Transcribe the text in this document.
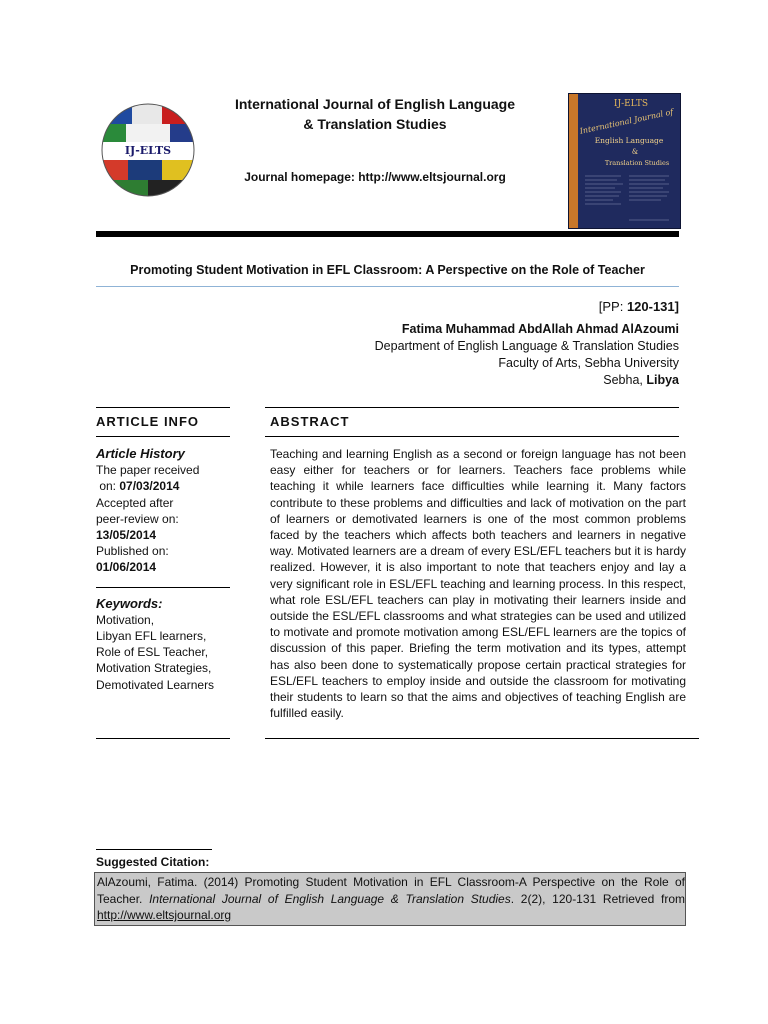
IJ-ELTS
International Journal of English Language
& Translation Studies
Journal homepage: http://www.eltsjournal.org
IJ-ELTS
International Journal of
English Language
&
Translation Studies
Promoting Student Motivation in EFL Classroom: A Perspective on the Role of Teacher
[PP: 120-131]
Fatima Muhammad AbdAllah Ahmad AlAzoumi
Department of English Language & Translation Studies
Faculty of Arts, Sebha University
Sebha, Libya
ARTICLE INFO	ABSTRACT
Article History
The paper received
on: 07/03/2014
Accepted after
peer-review on:
13/05/2014
Published on:
01/06/2014
Keywords:
Motivation,
Libyan EFL learners,
Role of ESL Teacher,
Motivation Strategies,
Demotivated Learners
Teaching and learning English as a second or foreign language has not been easy either for teachers or for learners. Teachers face problems while teaching it while learners face difficulties while learning it. Many factors contribute to these problems and difficulties and lack of motivation on the part of learners or demotivated learners is one of the most common problems faced by the teachers which affects both teachers and learners in negative way. Motivated learners are a dream of every ESL/EFL teachers but it is hardy realized. However, it is also important to note that teachers enjoy and lay a very significant role in ESL/EFL teaching and learning process. In this respect, what role ESL/EFL teachers can play in motivating their learners inside and outside the ESL/EFL classrooms and what strategies can be used and utilized to motivate and promote motivation among ESL/EFL learners are the topics of discussion of this paper. Briefing the term motivation and its types, attempt has also been done to systematically propose certain practical strategies for ESL/EFL teachers to employ inside and outside the classroom for motivating their students to learn so that the aims and objectives of teaching English are fulfilled easily.
Suggested Citation:
AlAzoumi, Fatima. (2014) Promoting Student Motivation in EFL Classroom-A Perspective on the Role of Teacher. International Journal of English Language & Translation Studies. 2(2), 120-131 Retrieved from http://www.eltsjournal.org
